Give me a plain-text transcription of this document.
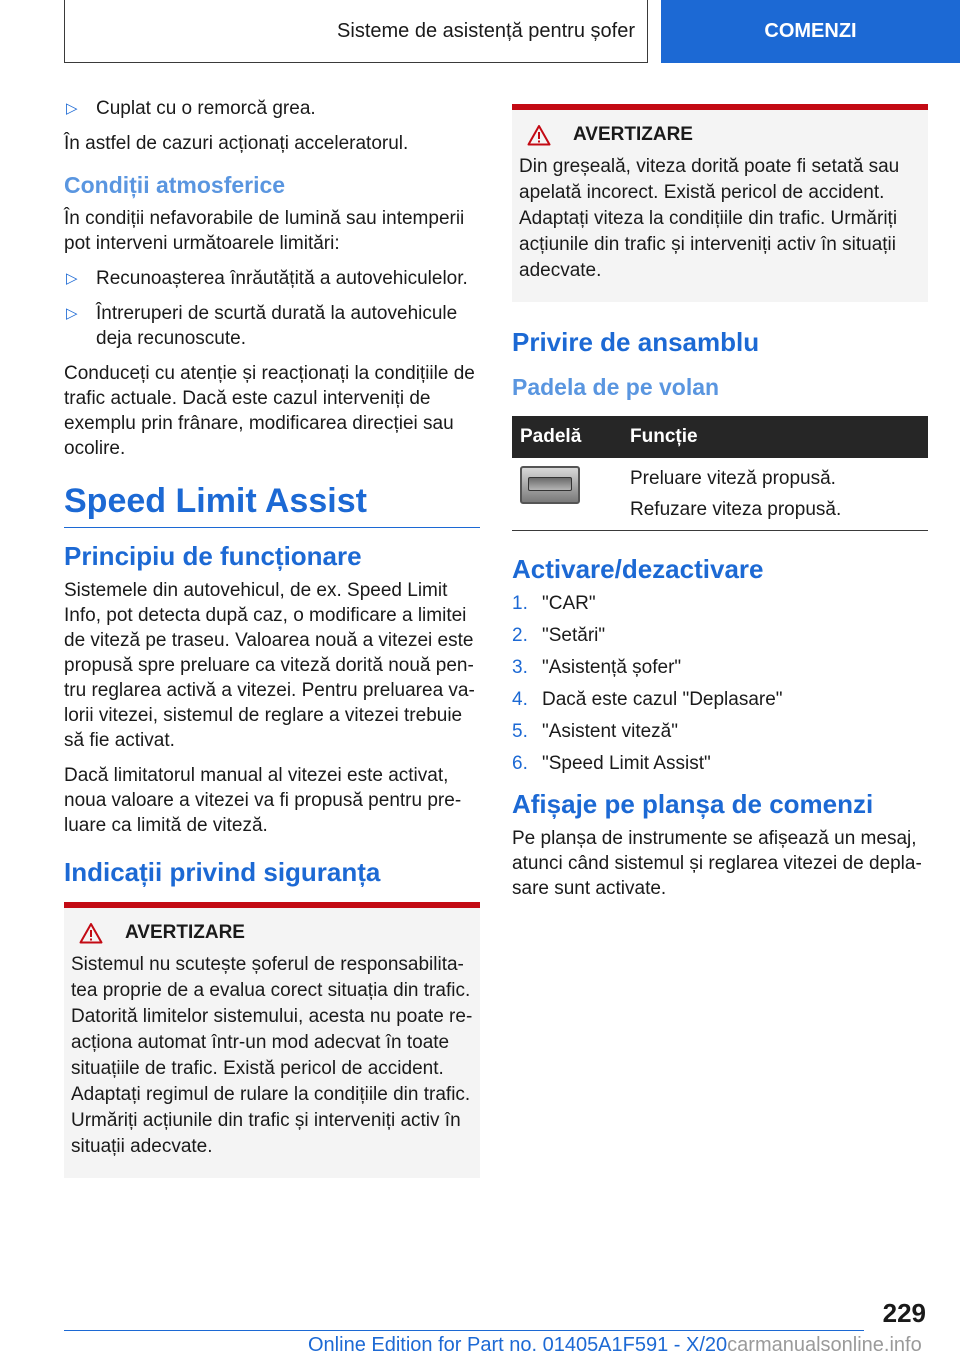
Sisteme de asistență pentru șofer	COMENZI
▷ Cuplat cu o remorcă grea.

În astfel de cazuri acționați acceleratorul.

Condiții atmosferice

În condiții nefavorabile de lumină sau intemperii pot interveni următoarele limitări:

▷ Recunoașterea înrăutățită a autovehiculelor.
▷ Întreruperi de scurtă durată la autovehicule deja recunoscute.

Conduceți cu atenție și reacționați la condițiile de trafic actuale. Dacă este cazul interveniți de exemplu prin frânare, modificarea direcției sau ocolire.

Speed Limit Assist
Principiu de funcționare

Sistemele din autovehicul, de ex. Speed Limit Info, pot detecta după caz, o modificare a limitei de viteză pe traseu. Valoarea nouă a vitezei este propusă spre preluare ca viteză dorită nouă pentru reglarea activă a vitezei. Pentru preluarea valorii vitezei, sistemul de reglare a vitezei trebuie să fie activat.

Dacă limitatorul manual al vitezei este activat, noua valoare a vitezei va fi propusă pentru preluare ca limită de viteză.

Indicații privind siguranța
AVERTIZARE

Sistemul nu scutește șoferul de responsabilitatea proprie de a evalua corect situația din trafic. Datorită limitelor sistemului, acesta nu poate reacționa automat într-un mod adecvat în toate situațiile de trafic. Există pericol de accident. Adaptați regimul de rulare la condițiile din trafic. Urmăriți acțiunile din trafic și interveniți activ în situații adecvate.

AVERTIZARE

Din greșeală, viteza dorită poate fi setată sau apelată incorect. Există pericol de accident. Adaptați viteza la condițiile din trafic. Urmăriți acțiunile din trafic și interveniți activ în situații adecvate.

Privire de ansamblu
Padela de pe volan
Padelă	Funcție

	Preluare viteză propusă.

Refuzare viteza propusă.

Activare/dezactivare
1. "CAR"
2. "Setări"
3. "Asistență șofer"
4. Dacă este cazul "Deplasare"
5. "Asistent viteză"
6. "Speed Limit Assist"
Afișaje pe planșa de comenzi

Pe planșa de instrumente se afișează un mesaj, atunci când sistemul și reglarea vitezei de deplasare sunt activate.

229
Online Edition for Part no. 01405A1F591 - X/20carmanualsonline.info
